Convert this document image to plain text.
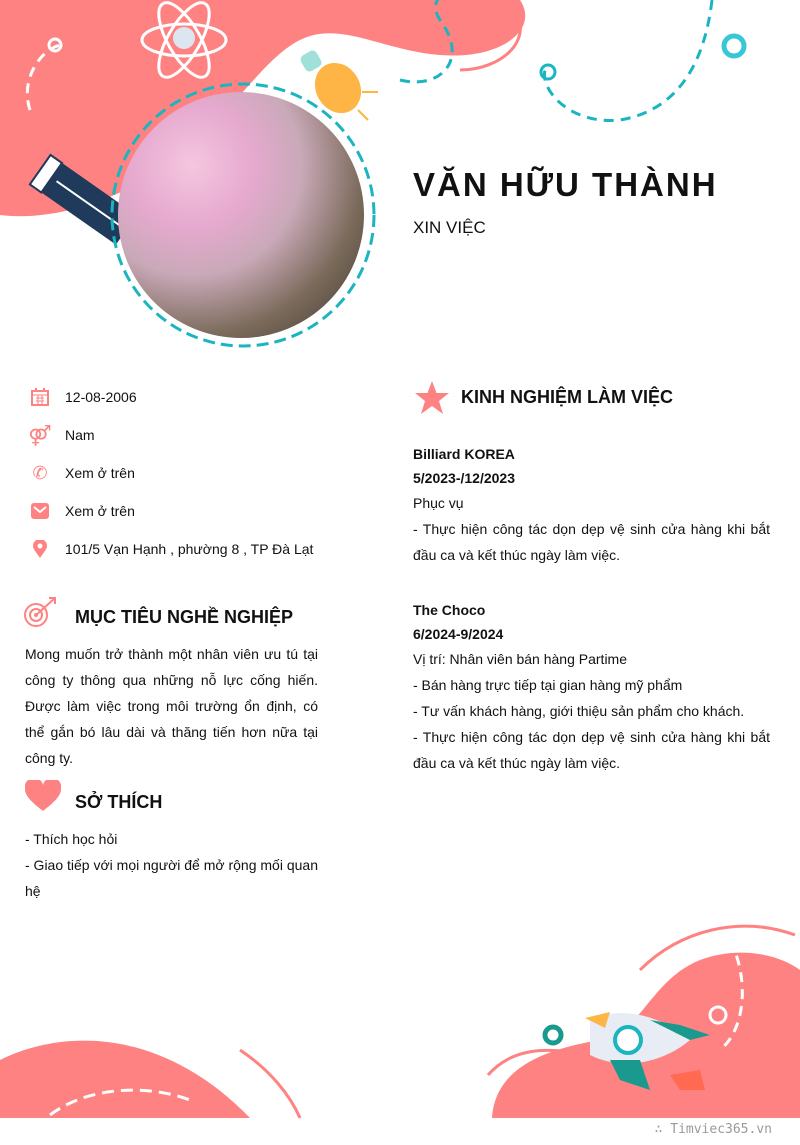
VĂN HỮU THÀNH
XIN VIỆC
12-08-2006
⚤ Nam
✆ Xem ở trên
Xem ở trên
101/5 Vạn Hạnh , phường 8 , TP Đà Lạt
MỤC TIÊU NGHỀ NGHIỆP
Mong muốn trở thành một nhân viên ưu tú tại công ty thông qua những nỗ lực cống hiến. Được làm việc trong môi trường ổn định, có thể gắn bó lâu dài và thăng tiến hơn nữa tại công ty.
SỞ THÍCH
- Thích học hỏi
- Giao tiếp với mọi người để mở rộng mối quan hệ
KINH NGHIỆM LÀM VIỆC
Billiard KOREA
5/2023-/12/2023
Phục vụ
- Thực hiện công tác dọn dẹp vệ sinh cửa hàng khi bắt đầu ca và kết thúc ngày làm việc.
The Choco
6/2024-9/2024
Vị trí: Nhân viên bán hàng Partime
- Bán hàng trực tiếp tại gian hàng mỹ phẩm
- Tư vấn khách hàng, giới thiệu sản phẩm cho khách.
- Thực hiện công tác dọn dẹp vệ sinh cửa hàng khi bắt đầu ca và kết thúc ngày làm việc.
∴ Timviec365.vn
